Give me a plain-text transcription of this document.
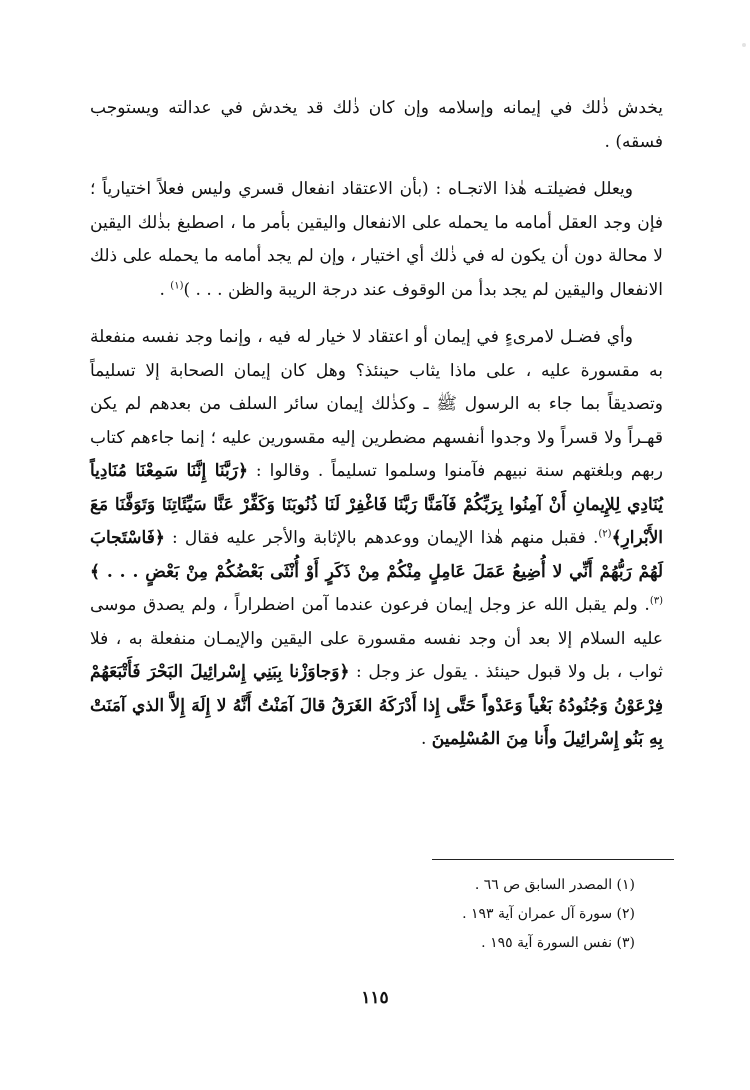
يخدش ذٰلك في إيمانه وإسلامه وإن كان ذٰلك قد يخدش في عدالته ويستوجب فسقه) .

ويعلل فضيلتـه هٰذا الاتجـاه : (بأن الاعتقاد انفعال قسري وليس فعلاً اختيارياً ؛ فإن وجد العقل أمامه ما يحمله على الانفعال واليقين بأمر ما ، اصطبغ بذٰلك اليقين لا محالة دون أن يكون له في ذٰلك أي اختيار ، وإن لم يجد أمامه ما يحمله على ذلك الانفعال واليقين لم يجد بدأ من الوقوف عند درجة الريبة والظن . . . )$^{(١)}$ .

وأي فضـل لامرىءٍ في إيمان أو اعتقاد لا خيار له فيه ، وإنما وجد نفسه منفعلة به مقسورة عليه ، على ماذا يثاب حينئذ؟ وهل كان إيمان الصحابة إلا تسليماً وتصديقاً بما جاء به الرسول ﷺ ـ وكذٰلك إيمان سائر السلف من بعدهم لم يكن قهـراً ولا قسراً ولا وجدوا أنفسهم مضطرين إليه مقسورين عليه ؛ إنما جاءهم كتاب ربهم وبلغتهم سنة نبيهم فآمنوا وسلموا تسليماً . وقالوا : ﴿رَبَّنَا إِنَّنَا سَمِعْنَا مُنَادِياً يُنَادِي لِلإِيمانِ أَنْ آمِنُوا بِرَبِّكُمْ فَآمَنَّا رَبَّنَا فَاغْفِرْ لَنَا ذُنُوبَنَا وَكَفِّرْ عَنَّا سَيِّئَاتِنَا وَتَوَفَّنَا مَعَ الأَبْرارِ﴾$^{(٢)}$. فقبل منهم هٰذا الإيمان ووعدهم بالإثابة والأجر عليه فقال : ﴿فَاسْتَجابَ لَهُمْ رَبُّهُمْ أَنِّي لا أُضِيعُ عَمَلَ عَامِلٍ مِنْكُمْ مِنْ ذَكَرٍ أَوْ أُنْثَى بَعْضُكُمْ مِنْ بَعْضٍ . . . ﴾$^{(٣)}$. ولم يقبل الله عز وجل إيمان فرعون عندما آمن اضطراراً ، ولم يصدق موسى عليه السلام إلا بعد أن وجد نفسه مقسورة على اليقين والإيمـان منفعلة به ، فلا ثواب ، بل ولا قبول حينئذ . يقول عز وجل : ﴿وَجاوَزْنا بِبَنِي إِسْرائِيلَ البَحْرَ فَأَتْبَعَهُمْ فِرْعَوْنُ وَجُنُودُهُ بَغْياً وَعَدْواً حَتَّى إِذا أَدْرَكَهُ الغَرَقُ قالَ آمَنْتُ أَنَّهُ لا إِلَهَ إِلاَّ الذي آمَنَتْ بِهِ بَنُو إِسْرائِيلَ وأَنا مِنَ المُسْلِمينَ .

(١) المصدر السابق ص ٦٦ .
(٢) سورة آل عمران آية ١٩٣ .
(٣) نفس السورة آية ١٩٥ .
١١٥
